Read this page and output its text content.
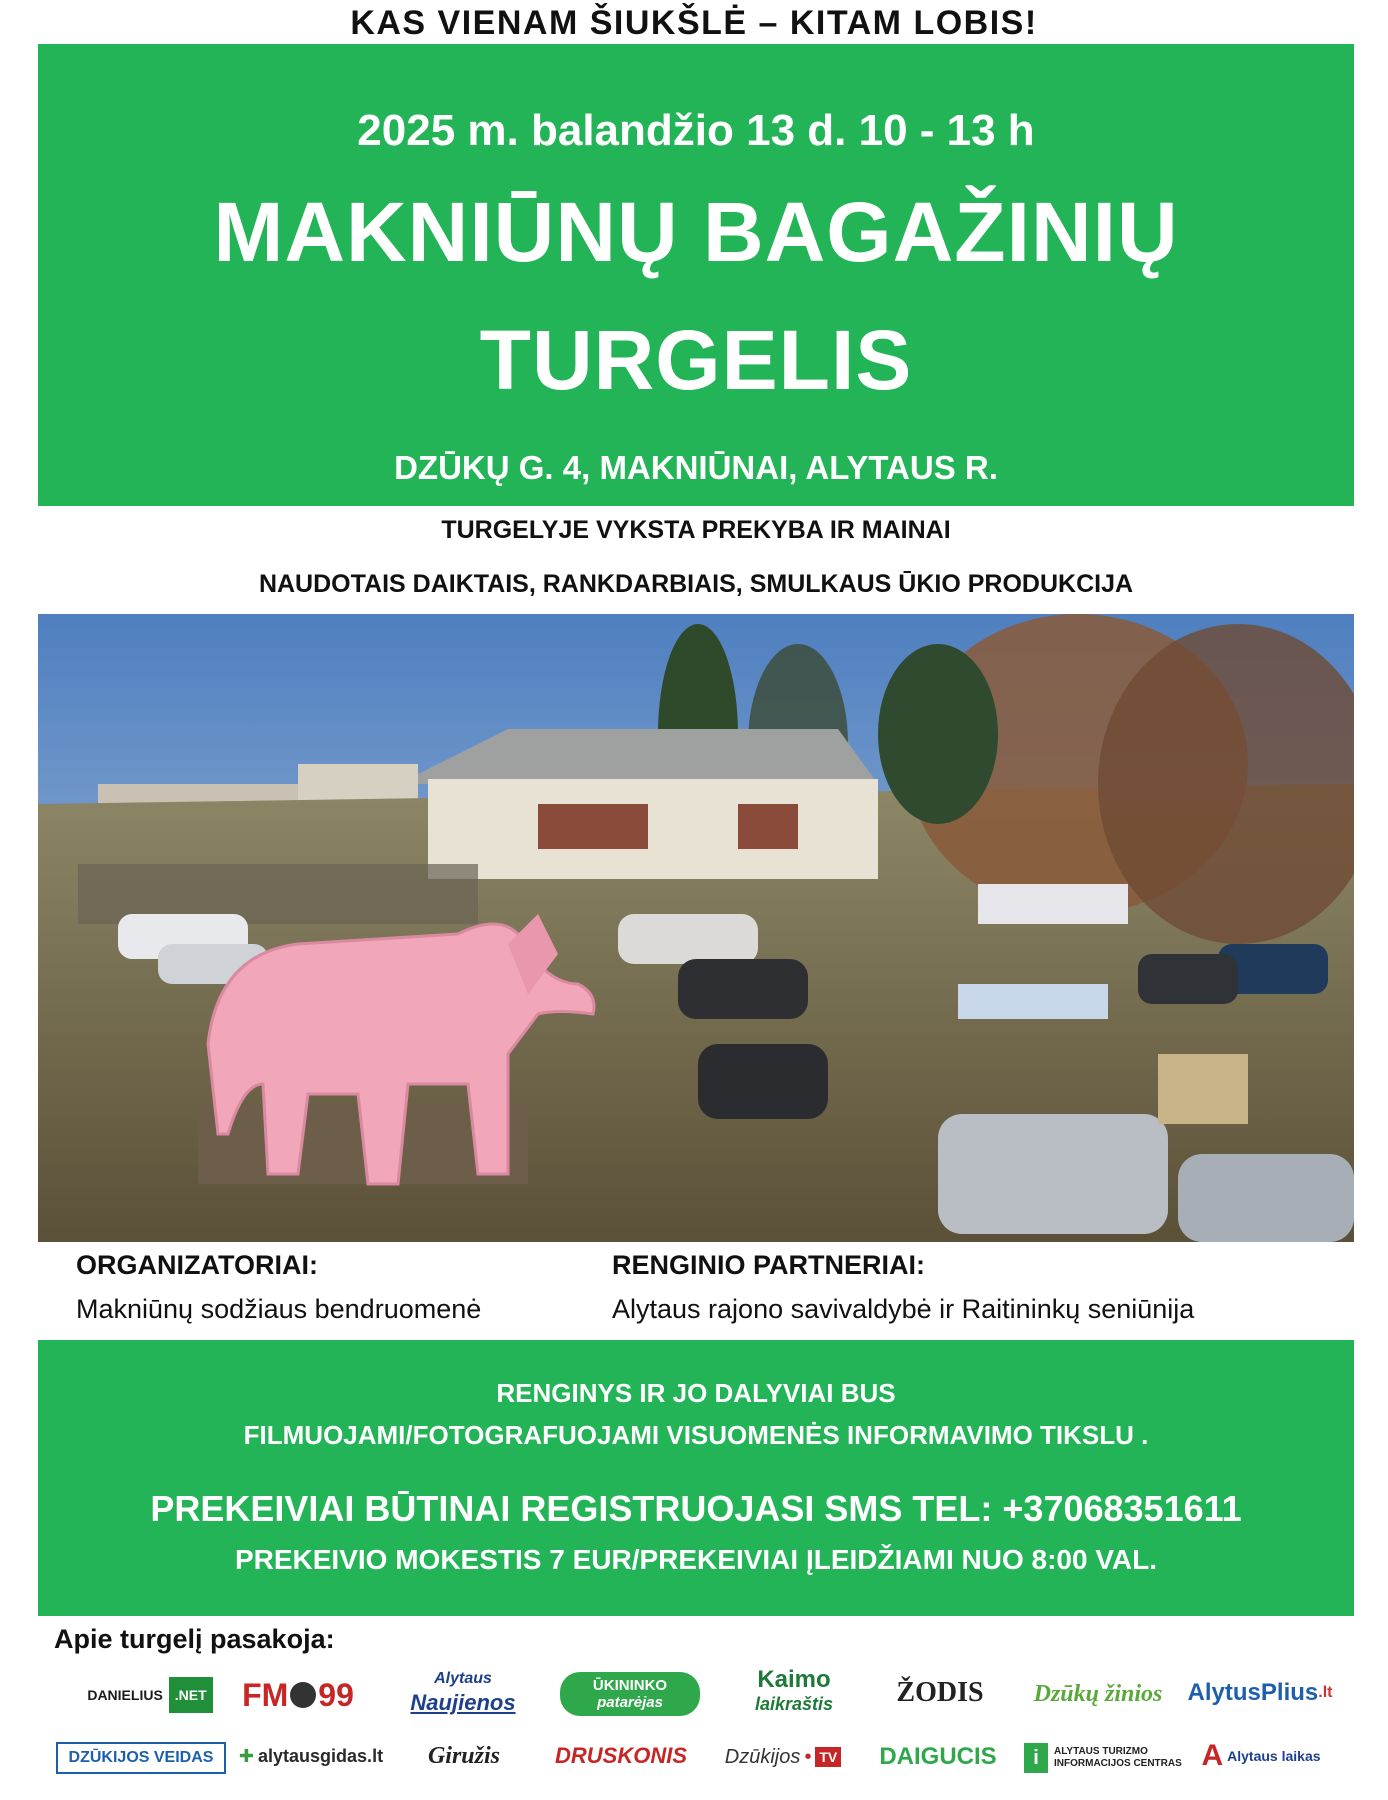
KAS VIENAM ŠIUKŠLĖ – KITAM LOBIS!
2025 m. balandžio 13 d. 10 - 13 h
MAKNIŪNŲ BAGAŽINIŲ
TURGELIS
DZŪKŲ G. 4, MAKNIŪNAI, ALYTAUS R.
TURGELYJE VYKSTA PREKYBA IR MAINAI
NAUDOTAIS DAIKTAIS, RANKDARBIAIS, SMULKAUS ŪKIO PRODUKCIJA
ORGANIZATORIAI:
Makniūnų sodžiaus bendruomenė
RENGINIO PARTNERIAI:
Alytaus rajono savivaldybė ir Raitininkų seniūnija
RENGINYS IR JO DALYVIAI BUS
FILMUOJAMI/FOTOGRAFUOJAMI VISUOMENĖS INFORMAVIMO TIKSLU .
PREKEIVIAI BŪTINAI REGISTRUOJASI SMS TEL: +37068351611
PREKEIVIO MOKESTIS 7 EUR/PREKEIVIAI ĮLEIDŽIAMI NUO 8:00 VAL.
Apie turgelį pasakoja:
DANIELIUS .NET FM 99	Alytaus
Naujienos
ŪKININKO
patarėjas
Kaimo
laikraštis	ŽODIS	Dzūkų žinios	AlytusPlius .lt
DZŪKIJOS VEIDAS	✚ alytausgidas.lt	Giružis	DRUSKONIS	Dzūkijos • TV	DAIGUCIS	i	ALYTAUS TURIZMO INFORMACIJOS CENTRAS A Alytaus laikas
